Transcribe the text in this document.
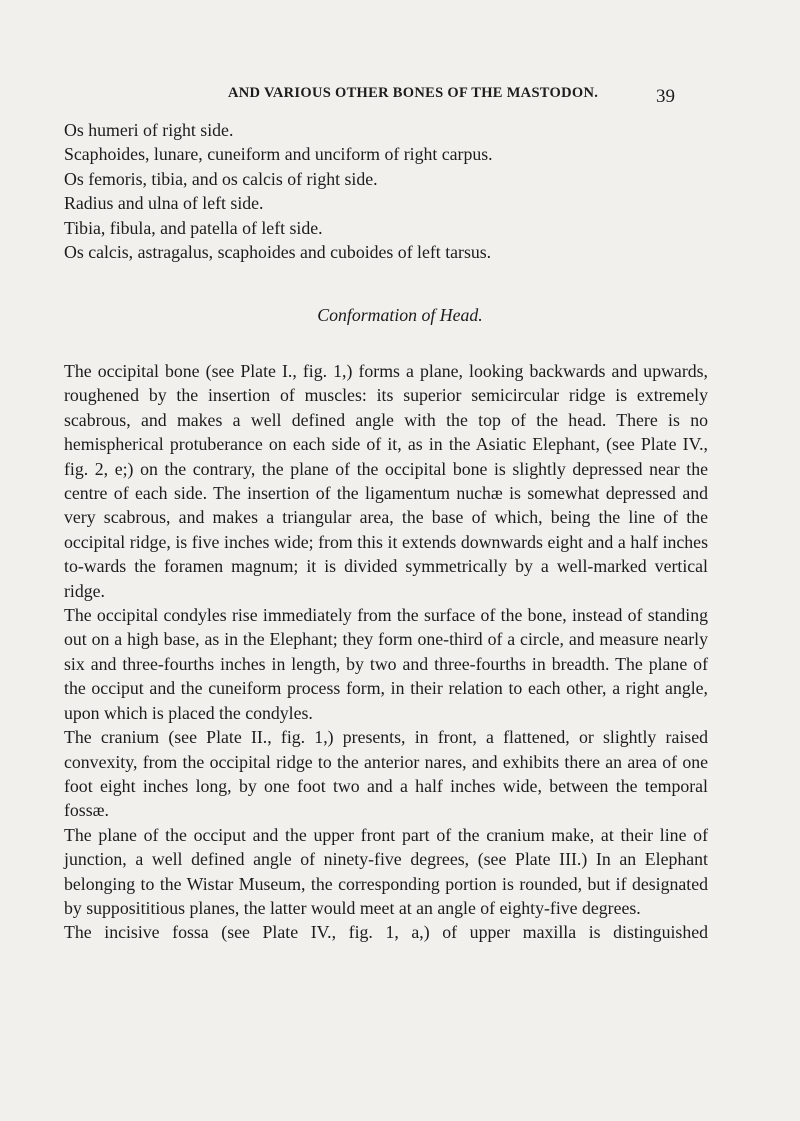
AND VARIOUS OTHER BONES OF THE MASTODON.	39
Os humeri of right side.
Scaphoides, lunare, cuneiform and unciform of right carpus.
Os femoris, tibia, and os calcis of right side.
Radius and ulna of left side.
Tibia, fibula, and patella of left side.
Os calcis, astragalus, scaphoides and cuboides of left tarsus.
Conformation of Head.

The occipital bone (see Plate I., fig. 1,) forms a plane, looking backwards and upwards, roughened by the insertion of muscles: its superior semicircular ridge is extremely scabrous, and makes a well defined angle with the top of the head. There is no hemispherical protuberance on each side of it, as in the Asiatic Elephant, (see Plate IV., fig. 2, e;) on the contrary, the plane of the occipital bone is slightly depressed near the centre of each side. The insertion of the ligamentum nuchæ is somewhat depressed and very scabrous, and makes a triangular area, the base of which, being the line of the occipital ridge, is five inches wide; from this it extends downwards eight and a half inches to-wards the foramen magnum; it is divided symmetrically by a well-marked vertical ridge.

The occipital condyles rise immediately from the surface of the bone, instead of standing out on a high base, as in the Elephant; they form one-third of a circle, and measure nearly six and three-fourths inches in length, by two and three-fourths in breadth. The plane of the occiput and the cuneiform process form, in their relation to each other, a right angle, upon which is placed the condyles.

The cranium (see Plate II., fig. 1,) presents, in front, a flattened, or slightly raised convexity, from the occipital ridge to the anterior nares, and exhibits there an area of one foot eight inches long, by one foot two and a half inches wide, between the temporal fossæ.

The plane of the occiput and the upper front part of the cranium make, at their line of junction, a well defined angle of ninety-five degrees, (see Plate III.) In an Elephant belonging to the Wistar Museum, the corresponding portion is rounded, but if designated by supposititious planes, the latter would meet at an angle of eighty-five degrees.

The incisive fossa (see Plate IV., fig. 1, a,) of upper maxilla is distinguished
